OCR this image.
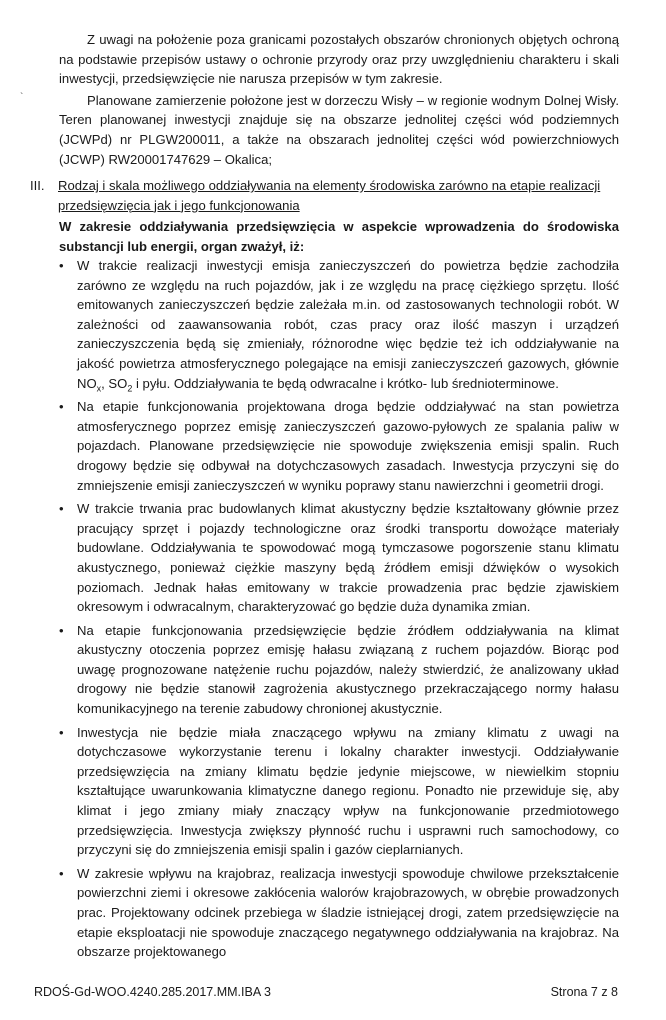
`

Z uwagi na położenie poza granicami pozostałych obszarów chronionych objętych ochroną na podstawie przepisów ustawy o ochronie przyrody oraz przy uwzględnieniu charakteru i skali inwestycji, przedsięwzięcie nie narusza przepisów w tym zakresie.

Planowane zamierzenie położone jest w dorzeczu Wisły – w regionie wodnym Dolnej Wisły. Teren planowanej inwestycji znajduje się na obszarze jednolitej części wód podziemnych (JCWPd) nr PLGW200011, a także na obszarach jednolitej części wód powierzchniowych (JCWP) RW20001747629 – Okalica;

III.	Rodzaj i skala możliwego oddziaływania na elementy środowiska zarówno na etapie realizacji przedsięwzięcia jak i jego funkcjonowania

W zakresie oddziaływania przedsięwzięcia w aspekcie wprowadzenia do środowiska substancji lub energii, organ zważył, iż:

• W trakcie realizacji inwestycji emisja zanieczyszczeń do powietrza będzie zachodziła zarówno ze względu na ruch pojazdów, jak i ze względu na pracę ciężkiego sprzętu. Ilość emitowanych zanieczyszczeń będzie zależała m.in. od zastosowanych technologii robót. W zależności od zaawansowania robót, czas pracy oraz ilość maszyn i urządzeń zanieczyszczenia będą się zmieniały, różnorodne więc będzie też ich oddziaływanie na jakość powietrza atmosferycznego polegające na emisji zanieczyszczeń gazowych, głównie $NO_x$, $SO_2$ i pyłu. Oddziaływania te będą odwracalne i krótko- lub średnioterminowe.
• Na etapie funkcjonowania projektowana droga będzie oddziaływać na stan powietrza atmosferycznego poprzez emisję zanieczyszczeń gazowo-pyłowych ze spalania paliw w pojazdach. Planowane przedsięwzięcie nie spowoduje zwiększenia emisji spalin. Ruch drogowy będzie się odbywał na dotychczasowych zasadach. Inwestycja przyczyni się do zmniejszenie emisji zanieczyszczeń w wyniku poprawy stanu nawierzchni i geometrii drogi.
• W trakcie trwania prac budowlanych klimat akustyczny będzie kształtowany głównie przez pracujący sprzęt i pojazdy technologiczne oraz środki transportu dowożące materiały budowlane. Oddziaływania te spowodować mogą tymczasowe pogorszenie stanu klimatu akustycznego, ponieważ ciężkie maszyny będą źródłem emisji dźwięków o wysokich poziomach. Jednak hałas emitowany w trakcie prowadzenia prac będzie zjawiskiem okresowym i odwracalnym, charakteryzować go będzie duża dynamika zmian.
• Na etapie funkcjonowania przedsięwzięcie będzie źródłem oddziaływania na klimat akustyczny otoczenia poprzez emisję hałasu związaną z ruchem pojazdów. Biorąc pod uwagę prognozowane natężenie ruchu pojazdów, należy stwierdzić, że analizowany układ drogowy nie będzie stanowił zagrożenia akustycznego przekraczającego normy hałasu komunikacyjnego na terenie zabudowy chronionej akustycznie.
• Inwestycja nie będzie miała znaczącego wpływu na zmiany klimatu z uwagi na dotychczasowe wykorzystanie terenu i lokalny charakter inwestycji. Oddziaływanie przedsięwzięcia na zmiany klimatu będzie jedynie miejscowe, w niewielkim stopniu kształtujące uwarunkowania klimatyczne danego regionu. Ponadto nie przewiduje się, aby klimat i jego zmiany miały znaczący wpływ na funkcjonowanie przedmiotowego przedsięwzięcia. Inwestycja zwiększy płynność ruchu i usprawni ruch samochodowy, co przyczyni się do zmniejszenia emisji spalin i gazów cieplarnianych.
• W zakresie wpływu na krajobraz, realizacja inwestycji spowoduje chwilowe przekształcenie powierzchni ziemi i okresowe zakłócenia walorów krajobrazowych, w obrębie prowadzonych prac. Projektowany odcinek przebiega w śladzie istniejącej drogi, zatem przedsięwzięcie na etapie eksploatacji nie spowoduje znaczącego negatywnego oddziaływania na krajobraz. Na obszarze projektowanego
RDOŚ-Gd-WOO.4240.285.2017.MM.IBA 3	Strona 7 z 8
